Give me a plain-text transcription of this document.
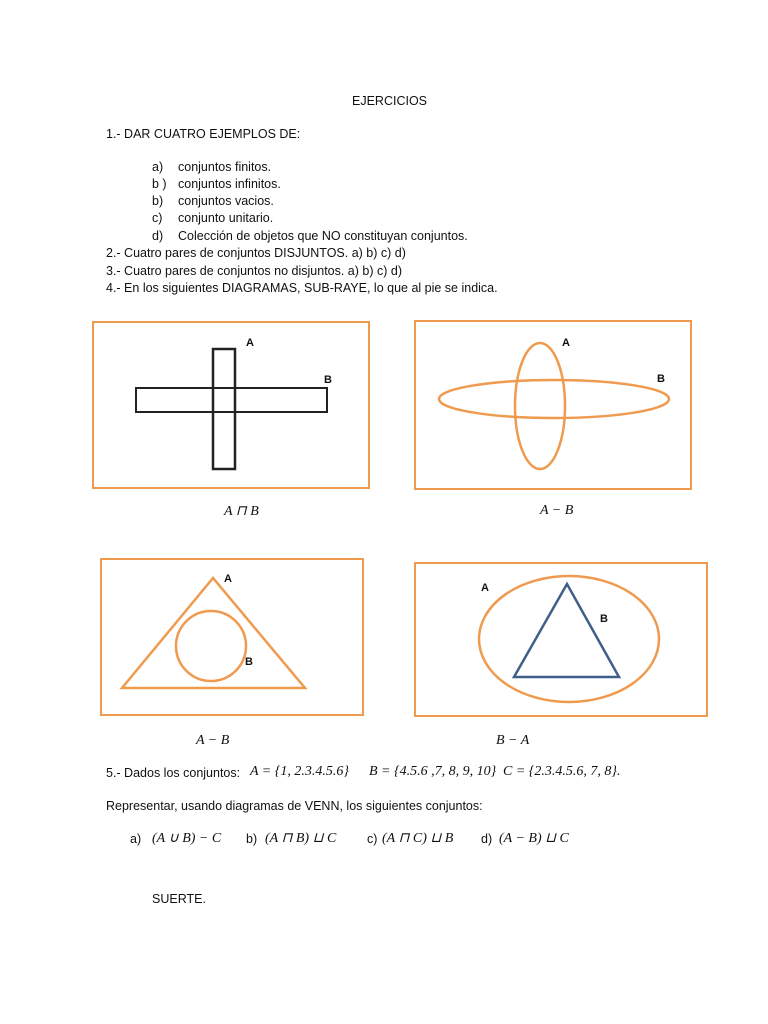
EJERCICIOS
1.- DAR CUATRO EJEMPLOS DE:
a) conjuntos finitos.
b ) conjuntos infinitos.
b) conjuntos vacios.
c) conjunto unitario.
d) Colección de objetos que NO constituyan conjuntos.
2.- Cuatro pares de conjuntos DISJUNTOS. a) b) c) d)
3.- Cuatro pares de conjuntos no disjuntos. a) b) c) d)
4.- En los siguientes DIAGRAMAS, SUB-RAYE, lo que al pie se indica.
A
B
A ⊓ B
A
B
A − B
A
B
A − B
A
B
B − A
5.- Dados los conjuntos: A = {1, 2.3.4.5.6} B = {4.5.6 ,7, 8, 9, 10} C = {2.3.4.5.6, 7, 8}.
Representar, usando diagramas de VENN, los siguientes conjuntos:
a) (A ∪ B) − C b) (A ⊓ B) ⊔ C c) (A ⊓ C) ⊔ B d) (A − B) ⊔ C
SUERTE.
